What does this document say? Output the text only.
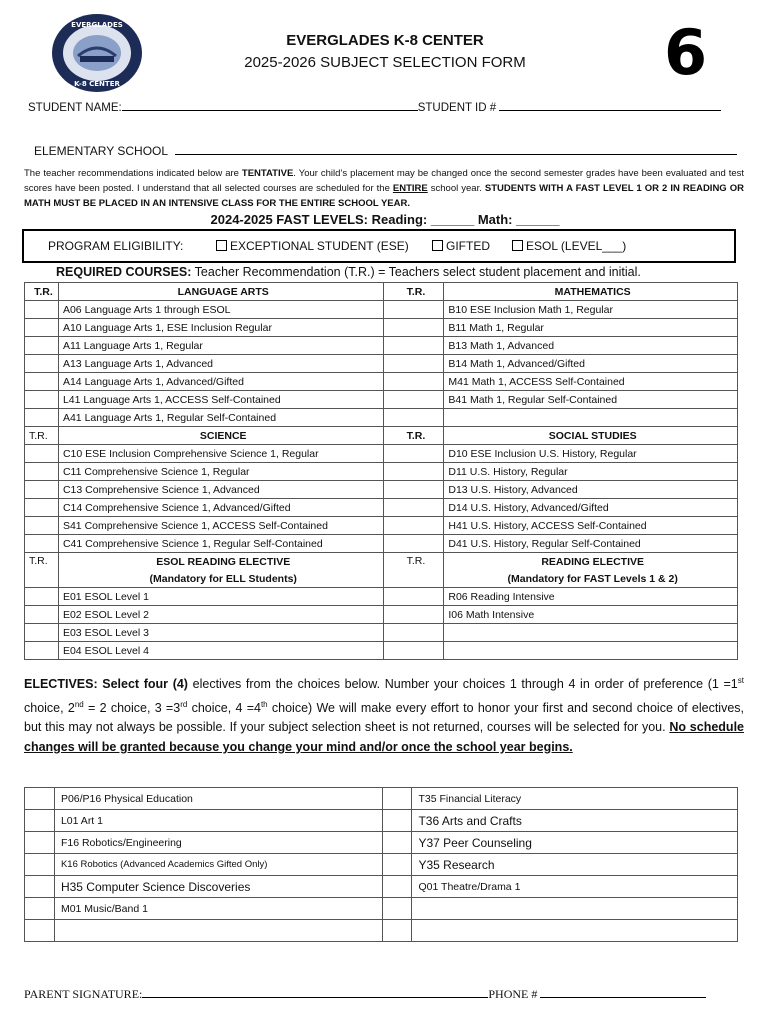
EVERGLADES
K-8 CENTER
EVERGLADES K-8 CENTER
2025-2026 SUBJECT SELECTION FORM	6
STUDENT NAME:	STUDENT ID #
ELEMENTARY SCHOOL
The teacher recommendations indicated below are TENTATIVE. Your child’s placement may be changed once the second semester grades have been evaluated and test scores have been posted. I understand that all selected courses are scheduled for the ENTIRE school year. STUDENTS WITH A FAST LEVEL 1 OR 2 IN READING OR MATH MUST BE PLACED IN AN INTENSIVE CLASS FOR THE ENTIRE SCHOOL YEAR.
2024-2025 FAST LEVELS: Reading: ______ Math: ______
PROGRAM ELIGIBILITY:	EXCEPTIONAL STUDENT (ESE)	GIFTED	ESOL (LEVEL___)
REQUIRED COURSES: Teacher Recommendation (T.R.) = Teachers select student placement and initial.
T.R.	LANGUAGE ARTS	T.R.	MATHEMATICS
	A06 Language Arts 1 through ESOL		B10 ESE Inclusion Math 1, Regular
	A10 Language Arts 1, ESE Inclusion Regular		B11 Math 1, Regular
	A11 Language Arts 1, Regular		B13 Math 1, Advanced
	A13 Language Arts 1, Advanced		B14 Math 1, Advanced/Gifted
	A14 Language Arts 1, Advanced/Gifted		M41 Math 1, ACCESS Self-Contained
	L41 Language Arts 1, ACCESS Self-Contained		B41 Math 1, Regular Self-Contained
	A41 Language Arts 1, Regular Self-Contained		
T.R.	SCIENCE	T.R.	SOCIAL STUDIES
	C10 ESE Inclusion Comprehensive Science 1, Regular		D10 ESE Inclusion U.S. History, Regular
	C11 Comprehensive Science 1, Regular		D11 U.S. History, Regular
	C13 Comprehensive Science 1, Advanced		D13 U.S. History, Advanced
	C14 Comprehensive Science 1, Advanced/Gifted		D14 U.S. History, Advanced/Gifted
	S41 Comprehensive Science 1, ACCESS Self-Contained		H41 U.S. History, ACCESS Self-Contained
	C41 Comprehensive Science 1, Regular Self-Contained		D41 U.S. History, Regular Self-Contained
T.R.	ESOL READING ELECTIVE	T.R.	READING ELECTIVE
	(Mandatory for ELL Students)		(Mandatory for FAST Levels 1 & 2)
	E01 ESOL Level 1		R06 Reading Intensive
	E02 ESOL Level 2		I06 Math Intensive
	E03 ESOL Level 3		
	E04 ESOL Level 4		
ELECTIVES: Select four (4) electives from the choices below. Number your choices 1 through 4 in order of preference (1 =1st choice, 2nd = 2 choice, 3 =3rd choice, 4 =4th choice) We will make every effort to honor your first and second choice of electives, but this may not always be possible. If your subject selection sheet is not returned, courses will be selected for you. No schedule changes will be granted because you change your mind and/or once the school year begins.
	P06/P16 Physical Education		T35 Financial Literacy
	L01 Art 1		T36 Arts and Crafts
	F16 Robotics/Engineering		Y37 Peer Counseling
	K16 Robotics (Advanced Academics Gifted Only)		Y35 Research
	H35 Computer Science Discoveries		Q01 Theatre/Drama 1
	M01 Music/Band 1		

PARENT SIGNATURE:	PHONE #
